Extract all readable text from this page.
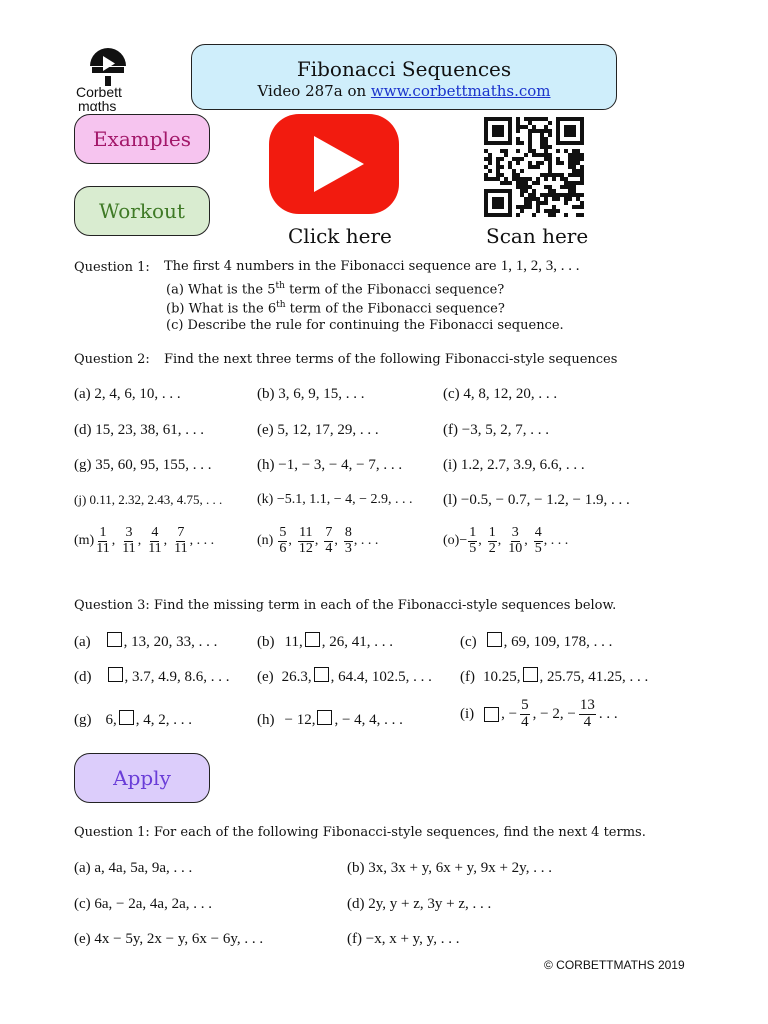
Corbett
mαths
Fibonacci Sequences
Video 287a on www.corbettmaths.com
Examples
Workout
Click here	Scan here
Question 1: The first 4 numbers in the Fibonacci sequence are 1, 1, 2, 3, . . .
(a) What is the 5th term of the Fibonacci sequence?
(b) What is the 6th term of the Fibonacci sequence?
(c) Describe the rule for continuing the Fibonacci sequence.
Question 2: Find the next three terms of the following Fibonacci-style sequences
(a) 2, 4, 6, 10, . . .	(b) 3, 6, 9, 15, . . .	(c) 4, 8, 12, 20, . . .
(d) 15, 23, 38, 61, . . .	(e) 5, 12, 17, 29, . . .	(f) −3, 5, 2, 7, . . .
(g) 35, 60, 95, 155, . . .	(h) −1, − 3, − 4, − 7, . . .	(i) 1.2, 2.7, 3.9, 6.6, . . .
(j) 0.11, 2.32, 2.43, 4.75, . . . (k) −5.1, 1.1, − 4, − 2.9, . . . (l) −0.5, − 0.7, − 1.2, − 1.9, . . .
$(m) \frac{1}{11}$ , $\frac{3}{11}$ , $\frac{4}{11}$ , $\frac{7}{11}$ , . . .	$(n) \frac{5}{6}$ , $\frac{11}{12}$ , $\frac{7}{4}$ , $\frac{8}{3}$ , . . .	$(o) - \frac{1}{5}$ , $\frac{1}{2}$ , $\frac{3}{10}$ , $\frac{4}{5}$ , . . .
Question 3: Find the missing term in each of the Fibonacci-style sequences below.
(a) , 13, 20, 33, . . .	(b) 11, , 26, 41, . . .	(c) , 69, 109, 178, . . .
(d) , 3.7, 4.9, 8.6, . . . (e) 26.3, , 64.4, 102.5, . . . (f) 10.25, , 25.75, 41.25, . . .
(g) 6, , 4, 2, . . .	(h) − 12, , − 4, 4, . . .	(i) , − $\frac{5}{4}$ , − 2, − $\frac{13}{4}$ . . .
Apply
Question 1: For each of the following Fibonacci-style sequences, find the next 4 terms.
(a) a, 4a, 5a, 9a, . . .	(b) 3x, 3x + y, 6x + y, 9x + 2y, . . .
(c) 6a, − 2a, 4a, 2a, . . .	(d) 2y, y + z, 3y + z, . . .
(e) 4x − 5y, 2x − y, 6x − 6y, . . .	(f) −x, x + y, y, . . .
© CORBETTMATHS 2019
